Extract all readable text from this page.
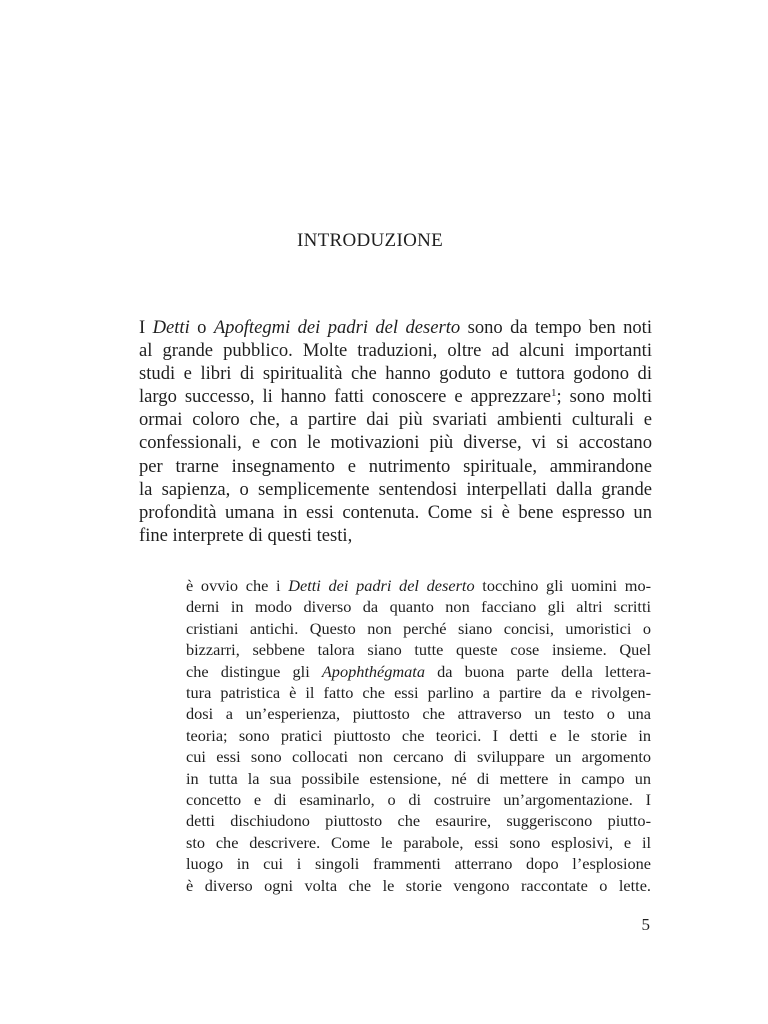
INTRODUZIONE

I Detti o Apoftegmi dei padri del deserto sono da tempo ben noti
al grande pubblico. Molte traduzioni, oltre ad alcuni importanti
studi e libri di spiritualità che hanno goduto e tuttora godono di
largo successo, li hanno fatti conoscere e apprezzare$^1$; sono molti
ormai coloro che, a partire dai più svariati ambienti culturali e
confessionali, e con le motivazioni più diverse, vi si accostano
per trarne insegnamento e nutrimento spirituale, ammirandone
la sapienza, o semplicemente sentendosi interpellati dalla grande
profondità umana in essi contenuta. Come si è bene espresso un
fine interprete di questi testi,

è ovvio che i Detti dei padri del deserto tocchino gli uomini mo-
derni in modo diverso da quanto non facciano gli altri scritti
cristiani antichi. Questo non perché siano concisi, umoristici o
bizzarri, sebbene talora siano tutte queste cose insieme. Quel
che distingue gli Apophthégmata da buona parte della lettera-
tura patristica è il fatto che essi parlino a partire da e rivolgen-
dosi a un’esperienza, piuttosto che attraverso un testo o una
teoria; sono pratici piuttosto che teorici. I detti e le storie in
cui essi sono collocati non cercano di sviluppare un argomento
in tutta la sua possibile estensione, né di mettere in campo un
concetto e di esaminarlo, o di costruire un’argomentazione. I
detti dischiudono piuttosto che esaurire, suggeriscono piutto-
sto che descrivere. Come le parabole, essi sono esplosivi, e il
luogo in cui i singoli frammenti atterrano dopo l’esplosione
è diverso ogni volta che le storie vengono raccontate o lette.

5
